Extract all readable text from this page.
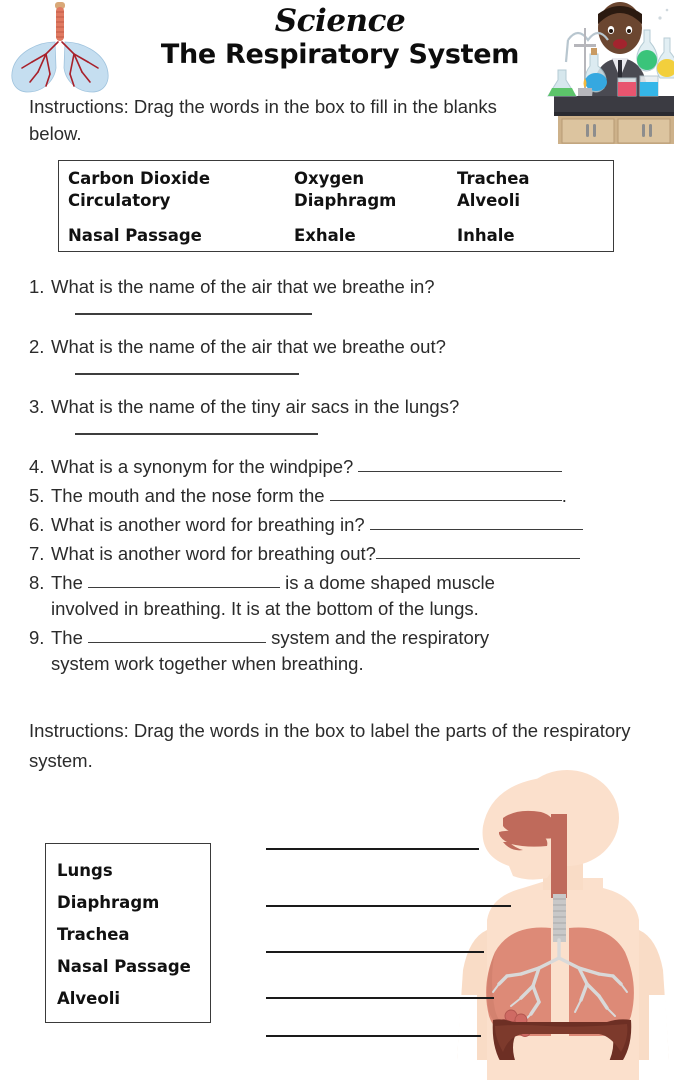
Science
The Respiratory System
Instructions: Drag the words in the box to fill in the blanks below.
Carbon Dioxide	Oxygen	Trachea
Circulatory	Diaphragm	Alveoli
Nasal Passage	Exhale	Inhale
1. What is the name of the air that we breathe in?
2. What is the name of the air that we breathe out?
3. What is the name of the tiny air sacs in the lungs?
4. What is a synonym for the windpipe?
5. The mouth and the nose form the	.
6. What is another word for breathing in?
7. What is another word for breathing out?
8. The	is a dome shaped muscle
involved in breathing. It is at the bottom of the lungs.
9. The	system and the respiratory
system work together when breathing.
Instructions: Drag the words in the box to label the parts of the respiratory system.
Lungs
Diaphragm
Trachea
Nasal Passage
Alveoli
